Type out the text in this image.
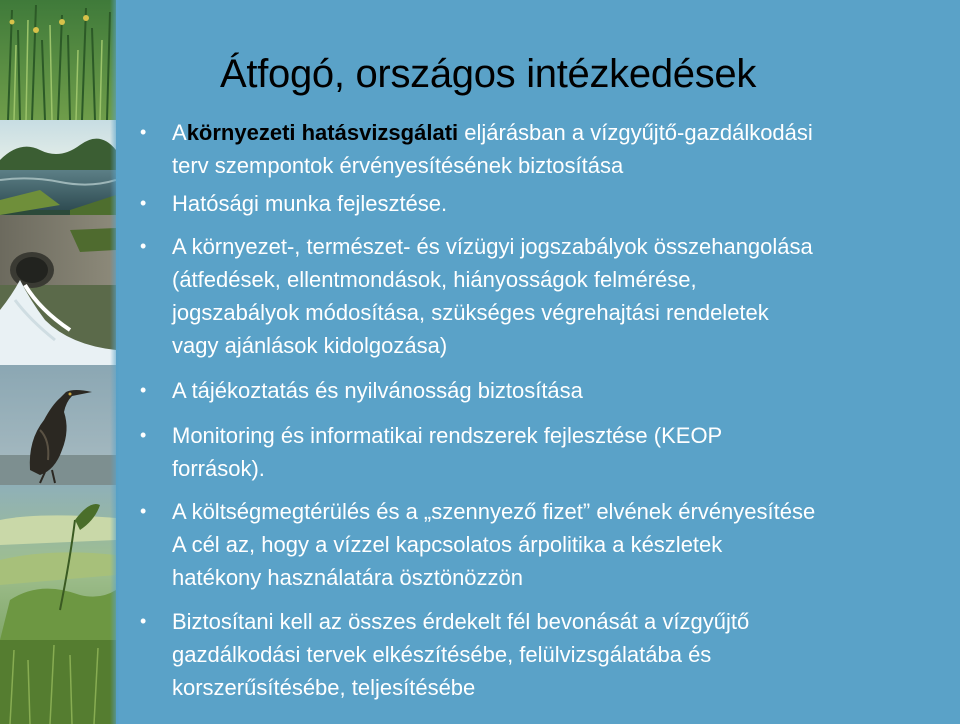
Átfogó, országos intézkedések
• Akörnyezeti hatásvizsgálati eljárásban a vízgyűjtő-gazdálkodási
terv szempontok érvényesítésének biztosítása
• Hatósági munka fejlesztése.
• A környezet-, természet- és vízügyi jogszabályok összehangolása
(átfedések, ellentmondások, hiányosságok felmérése,
jogszabályok módosítása, szükséges végrehajtási rendeletek
vagy ajánlások kidolgozása)
• A tájékoztatás és nyilvánosság biztosítása
• Monitoring és informatikai rendszerek fejlesztése (KEOP
források).
• A költségmegtérülés és a „szennyező fizet” elvének érvényesítése
A cél az, hogy a vízzel kapcsolatos árpolitika a készletek
hatékony használatára ösztönözzön
• Biztosítani kell az összes érdekelt fél bevonását a vízgyűjtő
gazdálkodási tervek elkészítésébe, felülvizsgálatába és
korszerűsítésébe, teljesítésébe
